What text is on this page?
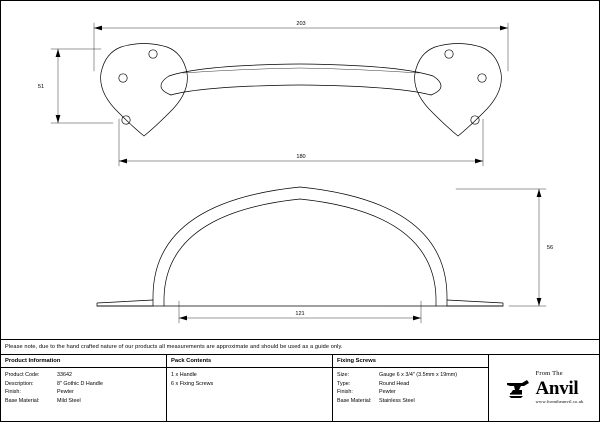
203
51
180
56
121
Please note, due to the hand crafted nature of our products all measurements are approximate and should be used as a guide only.
Product Information
Product Code:	33642
Description:	8" Gothic D Handle
Finish:	Pewter
Base Material:	Mild Steel
Pack Contents
1 x Handle
6 x Fixing Screws
Fixing Screws
Size:	Gauge 6 x 3/4" (3.5mm x 19mm)
Type:	Round Head
Finish:	Pewter
Base Material:	Stainless Steel
From The
Anvil
www.fromtheanvil.co.uk
